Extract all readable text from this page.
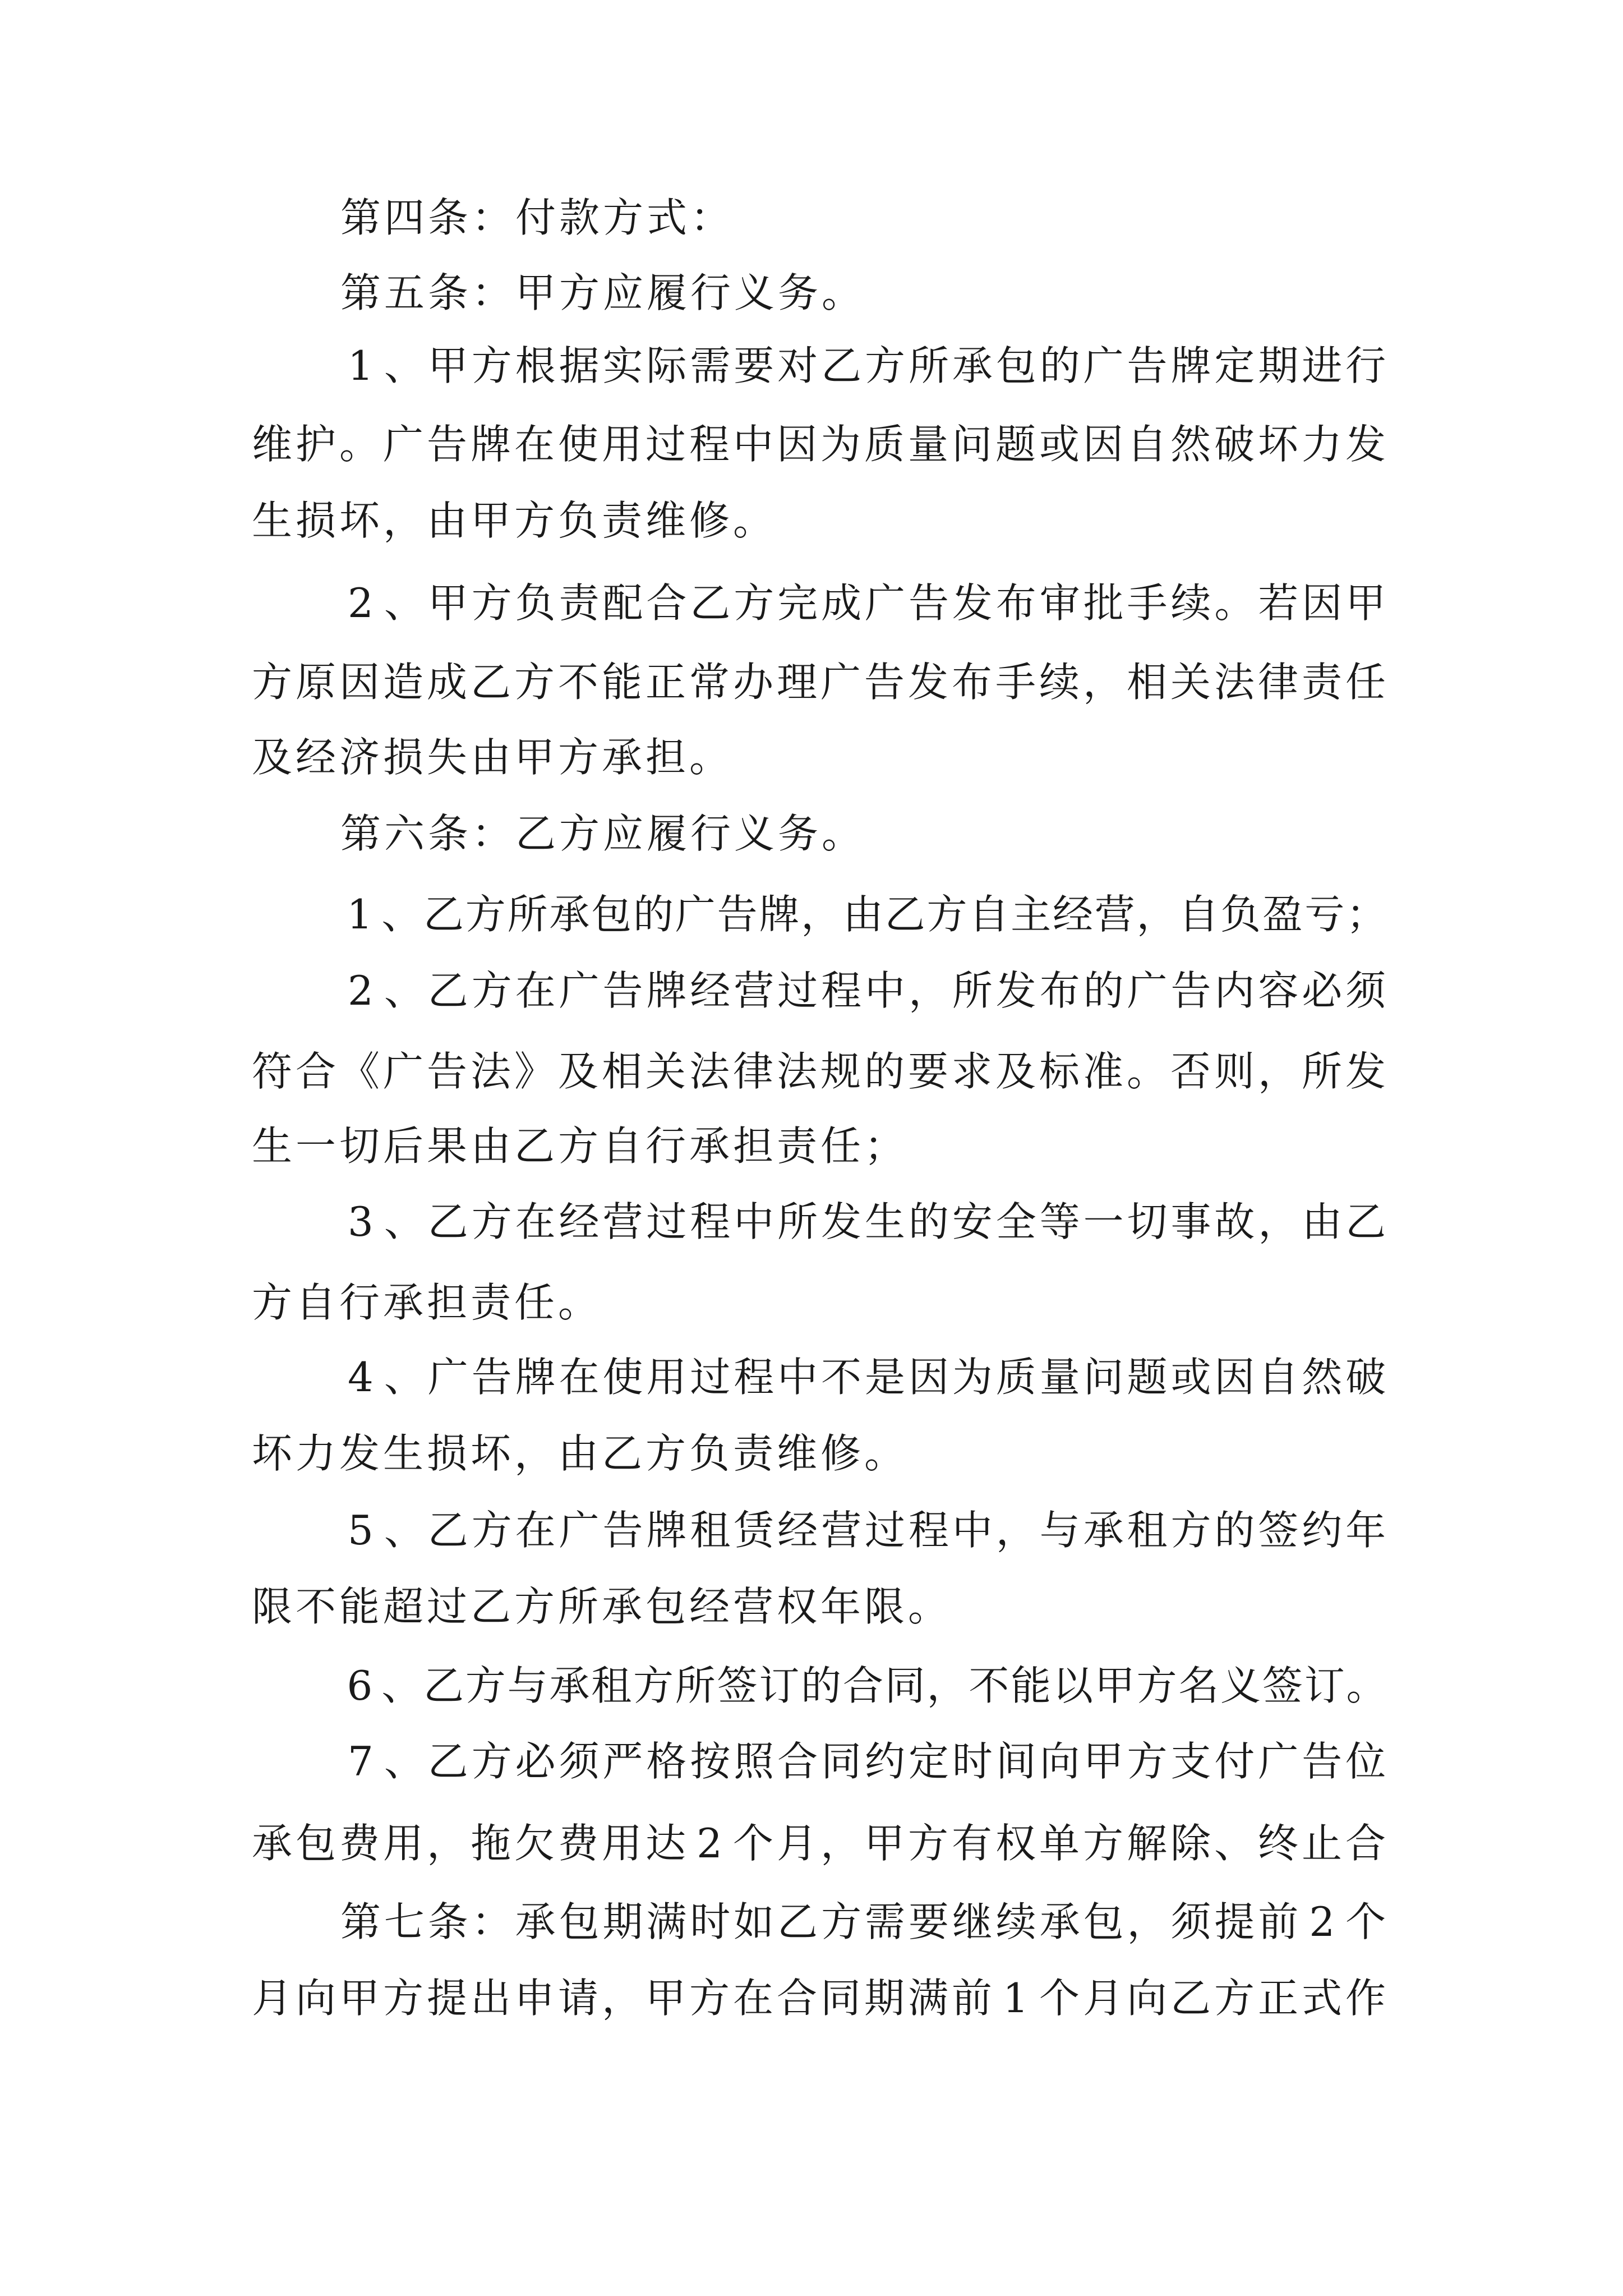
第 四 条 ： 付 款 方 式 ：

第 五 条 ： 甲 方 应 履 行 义 务 。

1 、 甲 方 根 据 实 际 需 要 对 乙 方 所 承 包 的 广 告 牌 定 期 进 行

维 护 。 广 告 牌 在 使 用 过 程 中 因 为 质 量 问 题 或 因 自 然 破 坏 力 发

生 损 坏 ， 由 甲 方 负 责 维 修 。

2 、 甲 方 负 责 配 合 乙 方 完 成 广 告 发 布 审 批 手 续 。 若 因 甲

方 原 因 造 成 乙 方 不 能 正 常 办 理 广 告 发 布 手 续 ， 相 关 法 律 责 任

及 经 济 损 失 由 甲 方 承 担 。

第 六 条 ： 乙 方 应 履 行 义 务 。

1 、 乙 方 所 承 包 的 广 告 牌 ， 由 乙 方 自 主 经 营 ， 自 负 盈 亏 ；

2 、 乙 方 在 广 告 牌 经 营 过 程 中 ， 所 发 布 的 广 告 内 容 必 须

符 合 《 广 告 法 》 及 相 关 法 律 法 规 的 要 求 及 标 准 。 否 则 ， 所 发

生 一 切 后 果 由 乙 方 自 行 承 担 责 任 ；

3 、 乙 方 在 经 营 过 程 中 所 发 生 的 安 全 等 一 切 事 故 ， 由 乙

方 自 行 承 担 责 任 。

4 、 广 告 牌 在 使 用 过 程 中 不 是 因 为 质 量 问 题 或 因 自 然 破

坏 力 发 生 损 坏 ， 由 乙 方 负 责 维 修 。

5 、 乙 方 在 广 告 牌 租 赁 经 营 过 程 中 ， 与 承 租 方 的 签 约 年

限 不 能 超 过 乙 方 所 承 包 经 营 权 年 限 。

6 、 乙 方 与 承 租 方 所 签 订 的 合 同 ， 不 能 以 甲 方 名 义 签 订 。

7 、 乙 方 必 须 严 格 按 照 合 同 约 定 时 间 向 甲 方 支 付 广 告 位

承 包 费 用 ， 拖 欠 费 用 达 2 个 月 ， 甲 方 有 权 单 方 解 除 、 终 止 合

第 七 条 ： 承 包 期 满 时 如 乙 方 需 要 继 续 承 包 ， 须 提 前 2 个

月 向 甲 方 提 出 申 请 ， 甲 方 在 合 同 期 满 前 1 个 月 向 乙 方 正 式 作
